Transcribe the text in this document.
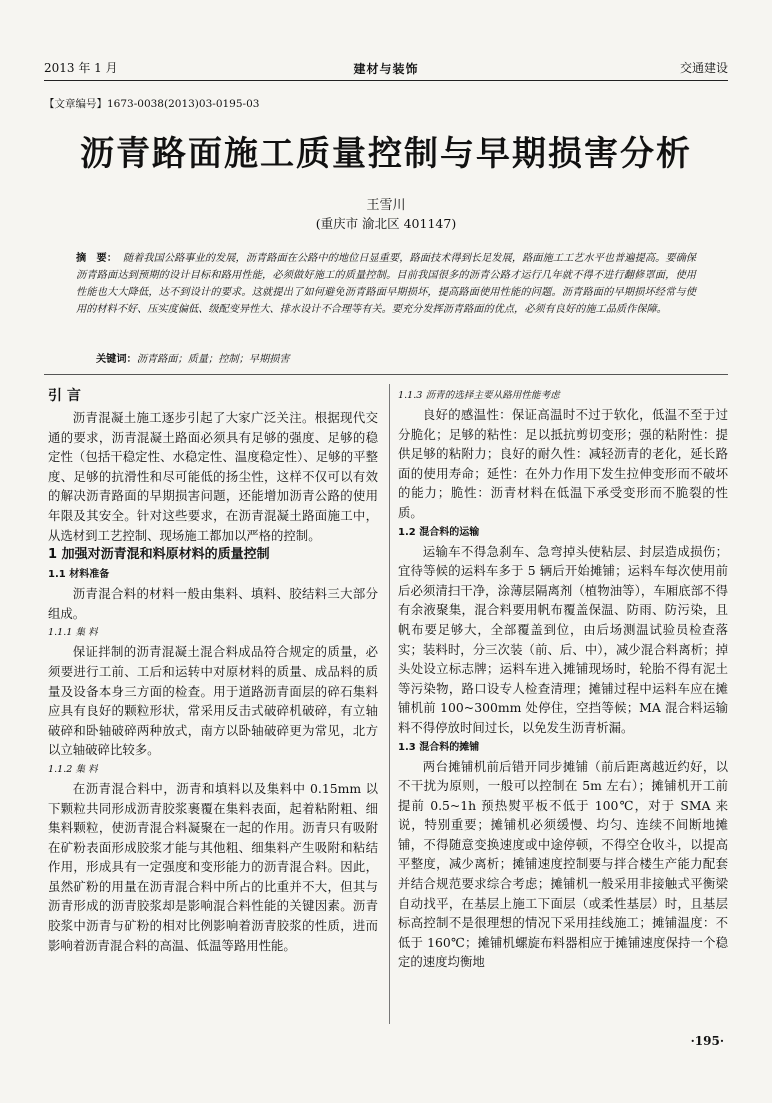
2013 年 1 月	建材与装饰	交通建设
【文章编号】1673-0038(2013)03-0195-03
沥青路面施工质量控制与早期损害分析
王雪川
(重庆市 渝北区 401147)
摘　要： 随着我国公路事业的发展，沥青路面在公路中的地位日显重要，路面技术得到长足发展，路面施工工艺水平也普遍提高。要确保沥青路面达到预期的设计目标和路用性能，必须做好施工的质量控制。目前我国很多的沥青公路才运行几年就不得不进行翻修罩面，使用性能也大大降低，达不到设计的要求。这就提出了如何避免沥青路面早期损坏，提高路面使用性能的问题。沥青路面的早期损坏经常与使用的材料不好、压实度偏低、级配变异性大、排水设计不合理等有关。要充分发挥沥青路面的优点，必须有良好的施工品质作保障。
关键词：沥青路面；质量；控制；早期损害
引 言

沥青混凝土施工逐步引起了大家广泛关注。根据现代交通的要求，沥青混凝土路面必须具有足够的强度、足够的稳定性（包括干稳定性、水稳定性、温度稳定性）、足够的平整度、足够的抗滑性和尽可能低的扬尘性，这样不仅可以有效的解决沥青路面的早期损害问题，还能增加沥青公路的使用年限及其安全。针对这些要求，在沥青混凝土路面施工中，从选材到工艺控制、现场施工都加以严格的控制。

1 加强对沥青混和料原材料的质量控制
1.1 材料准备

沥青混合料的材料一般由集料、填料、胶结料三大部分组成。

1.1.1 集 料

保证拌制的沥青混凝土混合料成品符合规定的质量，必须要进行工前、工后和运转中对原材料的质量、成品料的质量及设备本身三方面的检查。用于道路沥青面层的碎石集料应具有良好的颗粒形状，常采用反击式破碎机破碎，有立轴破碎和卧轴破碎两种放式，南方以卧轴破碎更为常见，北方以立轴破碎比较多。

1.1.2 集 料

在沥青混合料中，沥青和填料以及集料中 0.15mm 以下颗粒共同形成沥青胶浆裹覆在集料表面，起着粘附粗、细集料颗粒，使沥青混合料凝聚在一起的作用。沥青只有吸附在矿粉表面形成胶浆才能与其他粗、细集料产生吸附和粘结作用，形成具有一定强度和变形能力的沥青混合料。因此，虽然矿粉的用量在沥青混合料中所占的比重并不大，但其与沥青形成的沥青胶浆却是影响混合料性能的关键因素。沥青胶浆中沥青与矿粉的相对比例影响着沥青胶浆的性质，进而影响着沥青混合料的高温、低温等路用性能。

1.1.3 沥青的选择主要从路用性能考虑

良好的感温性：保证高温时不过于软化，低温不至于过分脆化；足够的粘性：足以抵抗剪切变形；强的粘附性：提供足够的粘附力；良好的耐久性：减轻沥青的老化，延长路面的使用寿命；延性：在外力作用下发生拉伸变形而不破坏的能力；脆性：沥青材料在低温下承受变形而不脆裂的性质。

1.2 混合料的运输

运输车不得急刹车、急弯掉头使粘层、封层造成损伤；宜待等候的运料车多于 5 辆后开始摊铺；运料车每次使用前后必须清扫干净，涂薄层隔离剂（植物油等），车厢底部不得有余液聚集，混合料要用帆布覆盖保温、防雨、防污染，且帆布要足够大，全部覆盖到位，由后场测温试验员检查落实；装料时，分三次装（前、后、中），减少混合料离析；掉头处设立标志牌；运料车进入摊铺现场时，轮胎不得有泥土等污染物，路口设专人检查清理；摊铺过程中运料车应在摊铺机前 100~300mm 处停住，空挡等候；MA 混合料运输料不得停放时间过长，以免发生沥青析漏。

1.3 混合料的摊铺

两台摊铺机前后错开同步摊铺（前后距离越近约好，以不干扰为原则，一般可以控制在 5m 左右）；摊铺机开工前提前 0.5~1h 预热熨平板不低于 100℃，对于 SMA 来说，特别重要；摊铺机必须缓慢、均匀、连续不间断地摊铺，不得随意变换速度或中途停顿，不得空仓收斗，以提高平整度，减少离析；摊铺速度控制要与拌合楼生产能力配套并结合规范要求综合考虑；摊铺机一般采用非接触式平衡梁自动找平，在基层上施工下面层（或柔性基层）时，且基层标高控制不是很理想的情况下采用挂线施工；摊铺温度：不低于 160℃；摊铺机螺旋布料器相应于摊铺速度保持一个稳定的速度均衡地

·195·
